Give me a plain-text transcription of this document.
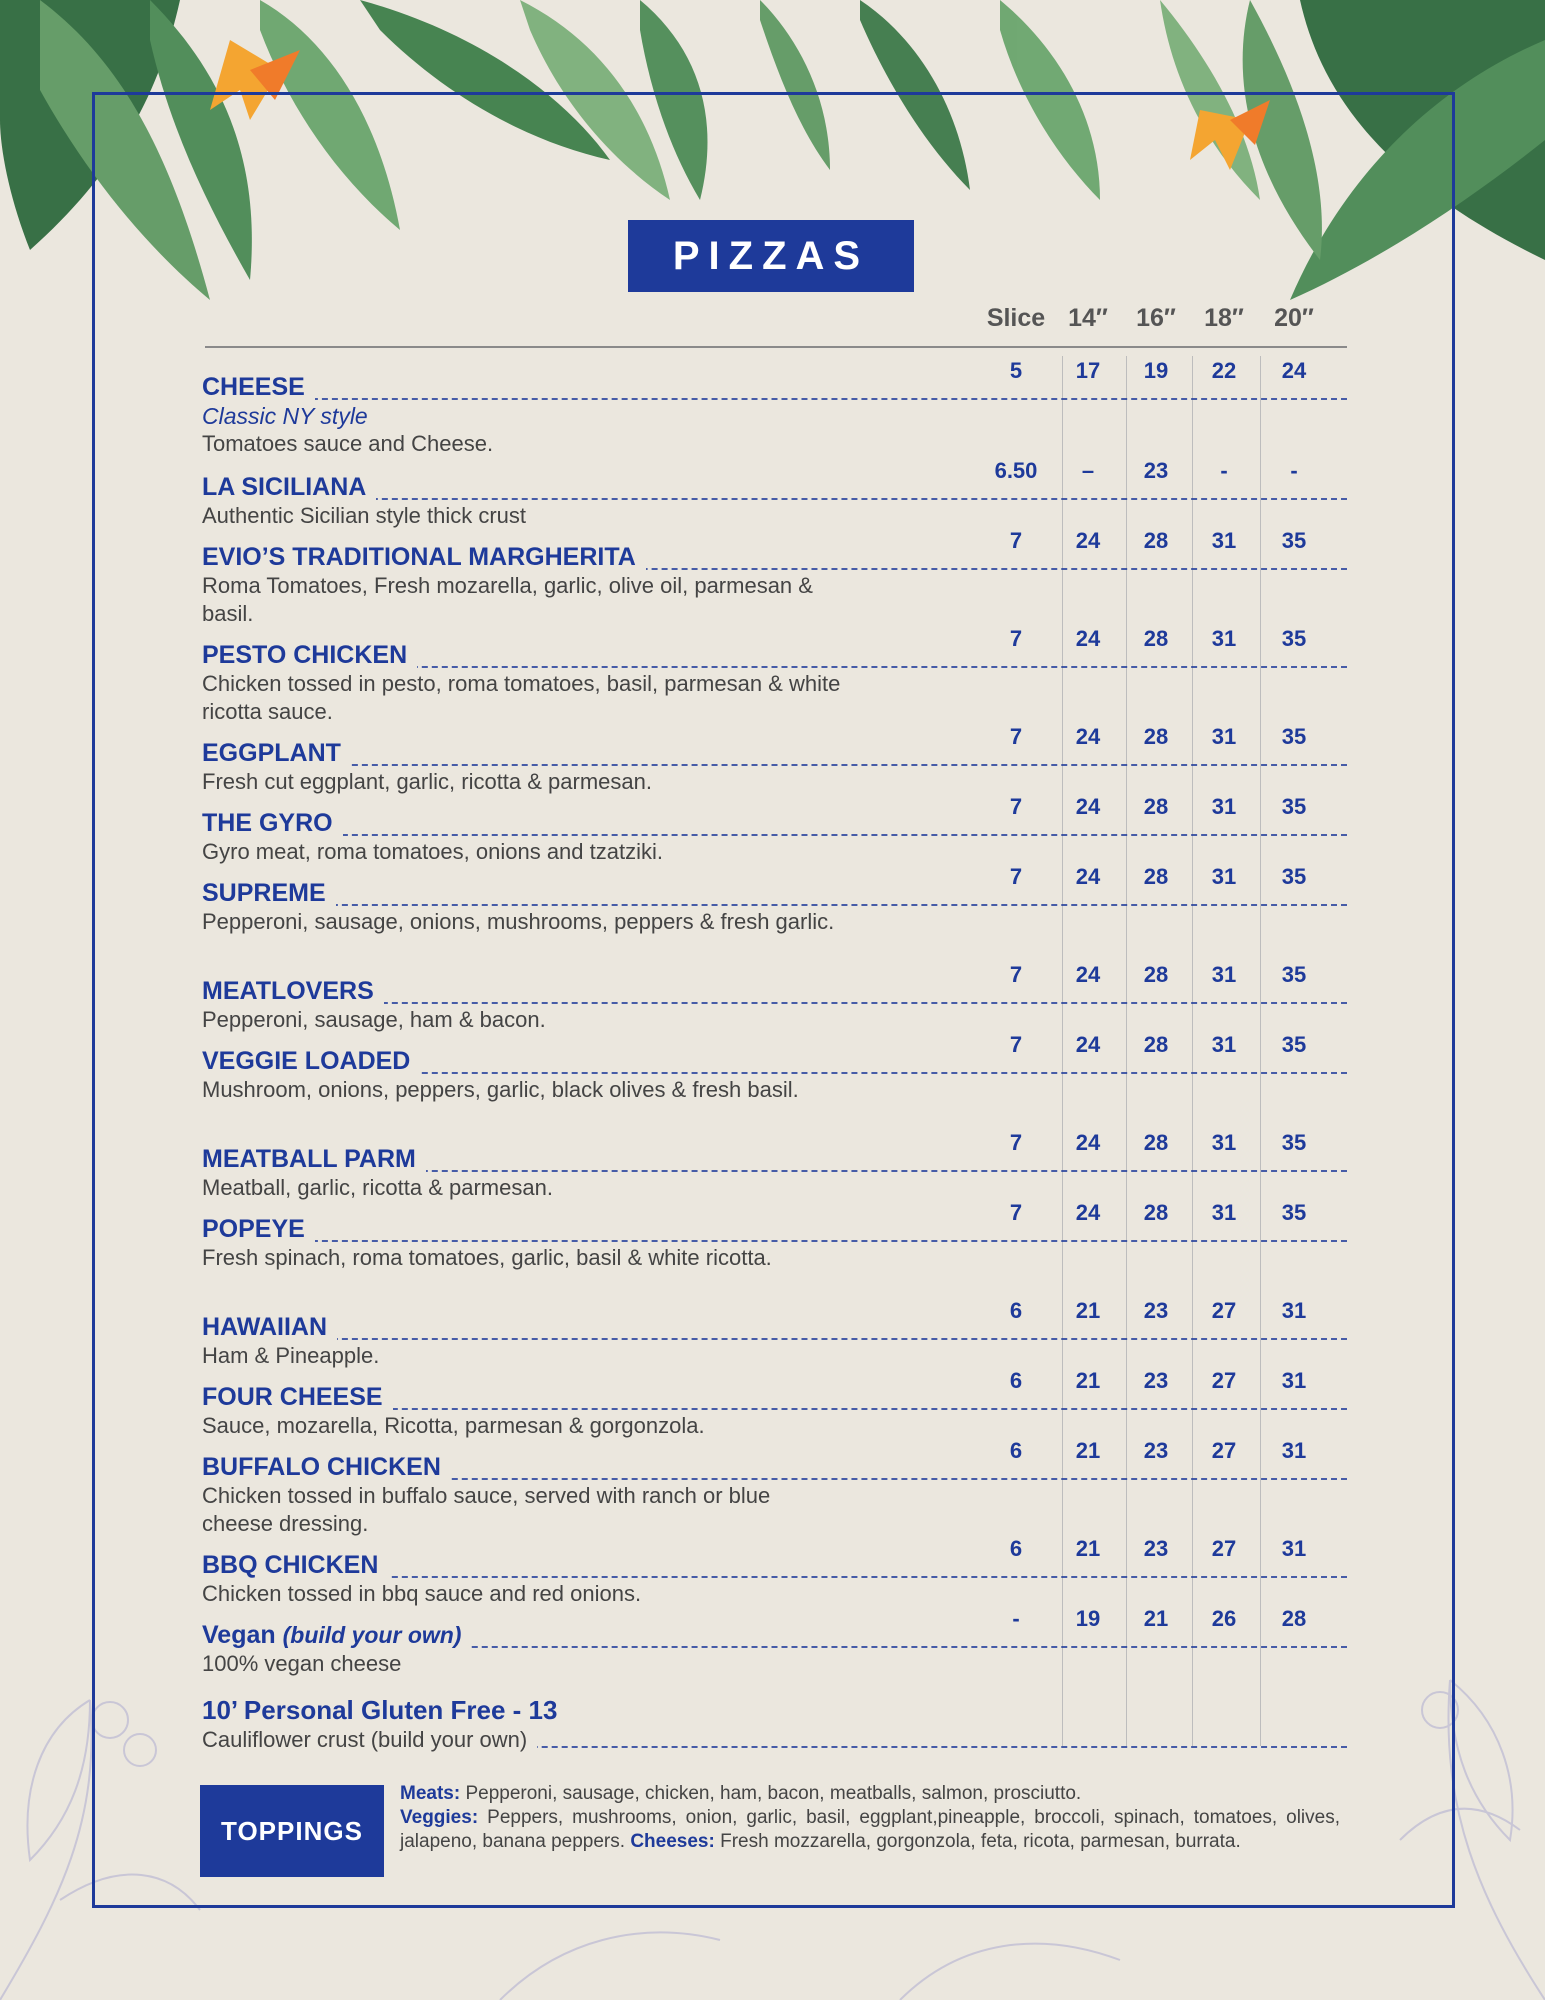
PIZZAS
Slice 14″	16″	18″	20″
CHEESE
Classic NY style
Tomatoes sauce and Cheese.
5	17	19	22	24
LA SICILIANA
Authentic Sicilian style thick crust
6.50	–	23	-	-
EVIO’S TRADITIONAL MARGHERITA
Roma Tomatoes, Fresh mozarella, garlic, olive oil, parmesan & basil.
7	24	28	31	35
PESTO CHICKEN
Chicken tossed in pesto, roma tomatoes, basil, parmesan & white ricotta sauce.
7	24	28	31	35
EGGPLANT
Fresh cut eggplant, garlic, ricotta & parmesan.
7	24	28	31	35
THE GYRO
Gyro meat, roma tomatoes, onions and tzatziki.
7	24	28	31	35
SUPREME
Pepperoni, sausage, onions, mushrooms, peppers & fresh garlic.
7	24	28	31	35
MEATLOVERS
Pepperoni, sausage, ham & bacon.
7	24	28	31	35
VEGGIE LOADED
Mushroom, onions, peppers, garlic, black olives & fresh basil.
7	24	28	31	35
MEATBALL PARM
Meatball, garlic, ricotta & parmesan.
7	24	28	31	35
POPEYE
Fresh spinach, roma tomatoes, garlic, basil & white ricotta.
7	24	28	31	35
HAWAIIAN
Ham & Pineapple.
6	21	23	27	31
FOUR CHEESE
Sauce, mozarella, Ricotta, parmesan & gorgonzola.
6	21	23	27	31
BUFFALO CHICKEN
Chicken tossed in buffalo sauce, served with ranch or blue cheese dressing.
6	21	23	27	31
BBQ CHICKEN
Chicken tossed in bbq sauce and red onions.
6	21	23	27	31
Vegan (build your own)
100% vegan cheese
-	19	21	26	28
10’ Personal Gluten Free - 13
Cauliflower crust (build your own)
TOPPINGS
Meats: Pepperoni, sausage, chicken, ham, bacon, meatballs, salmon, prosciutto.
Veggies: Peppers, mushrooms, onion, garlic, basil, eggplant,pineapple, broccoli, spinach, tomatoes, olives, jalapeno, banana peppers. Cheeses: Fresh mozzarella, gorgonzola, feta, ricota, parmesan, burrata.
